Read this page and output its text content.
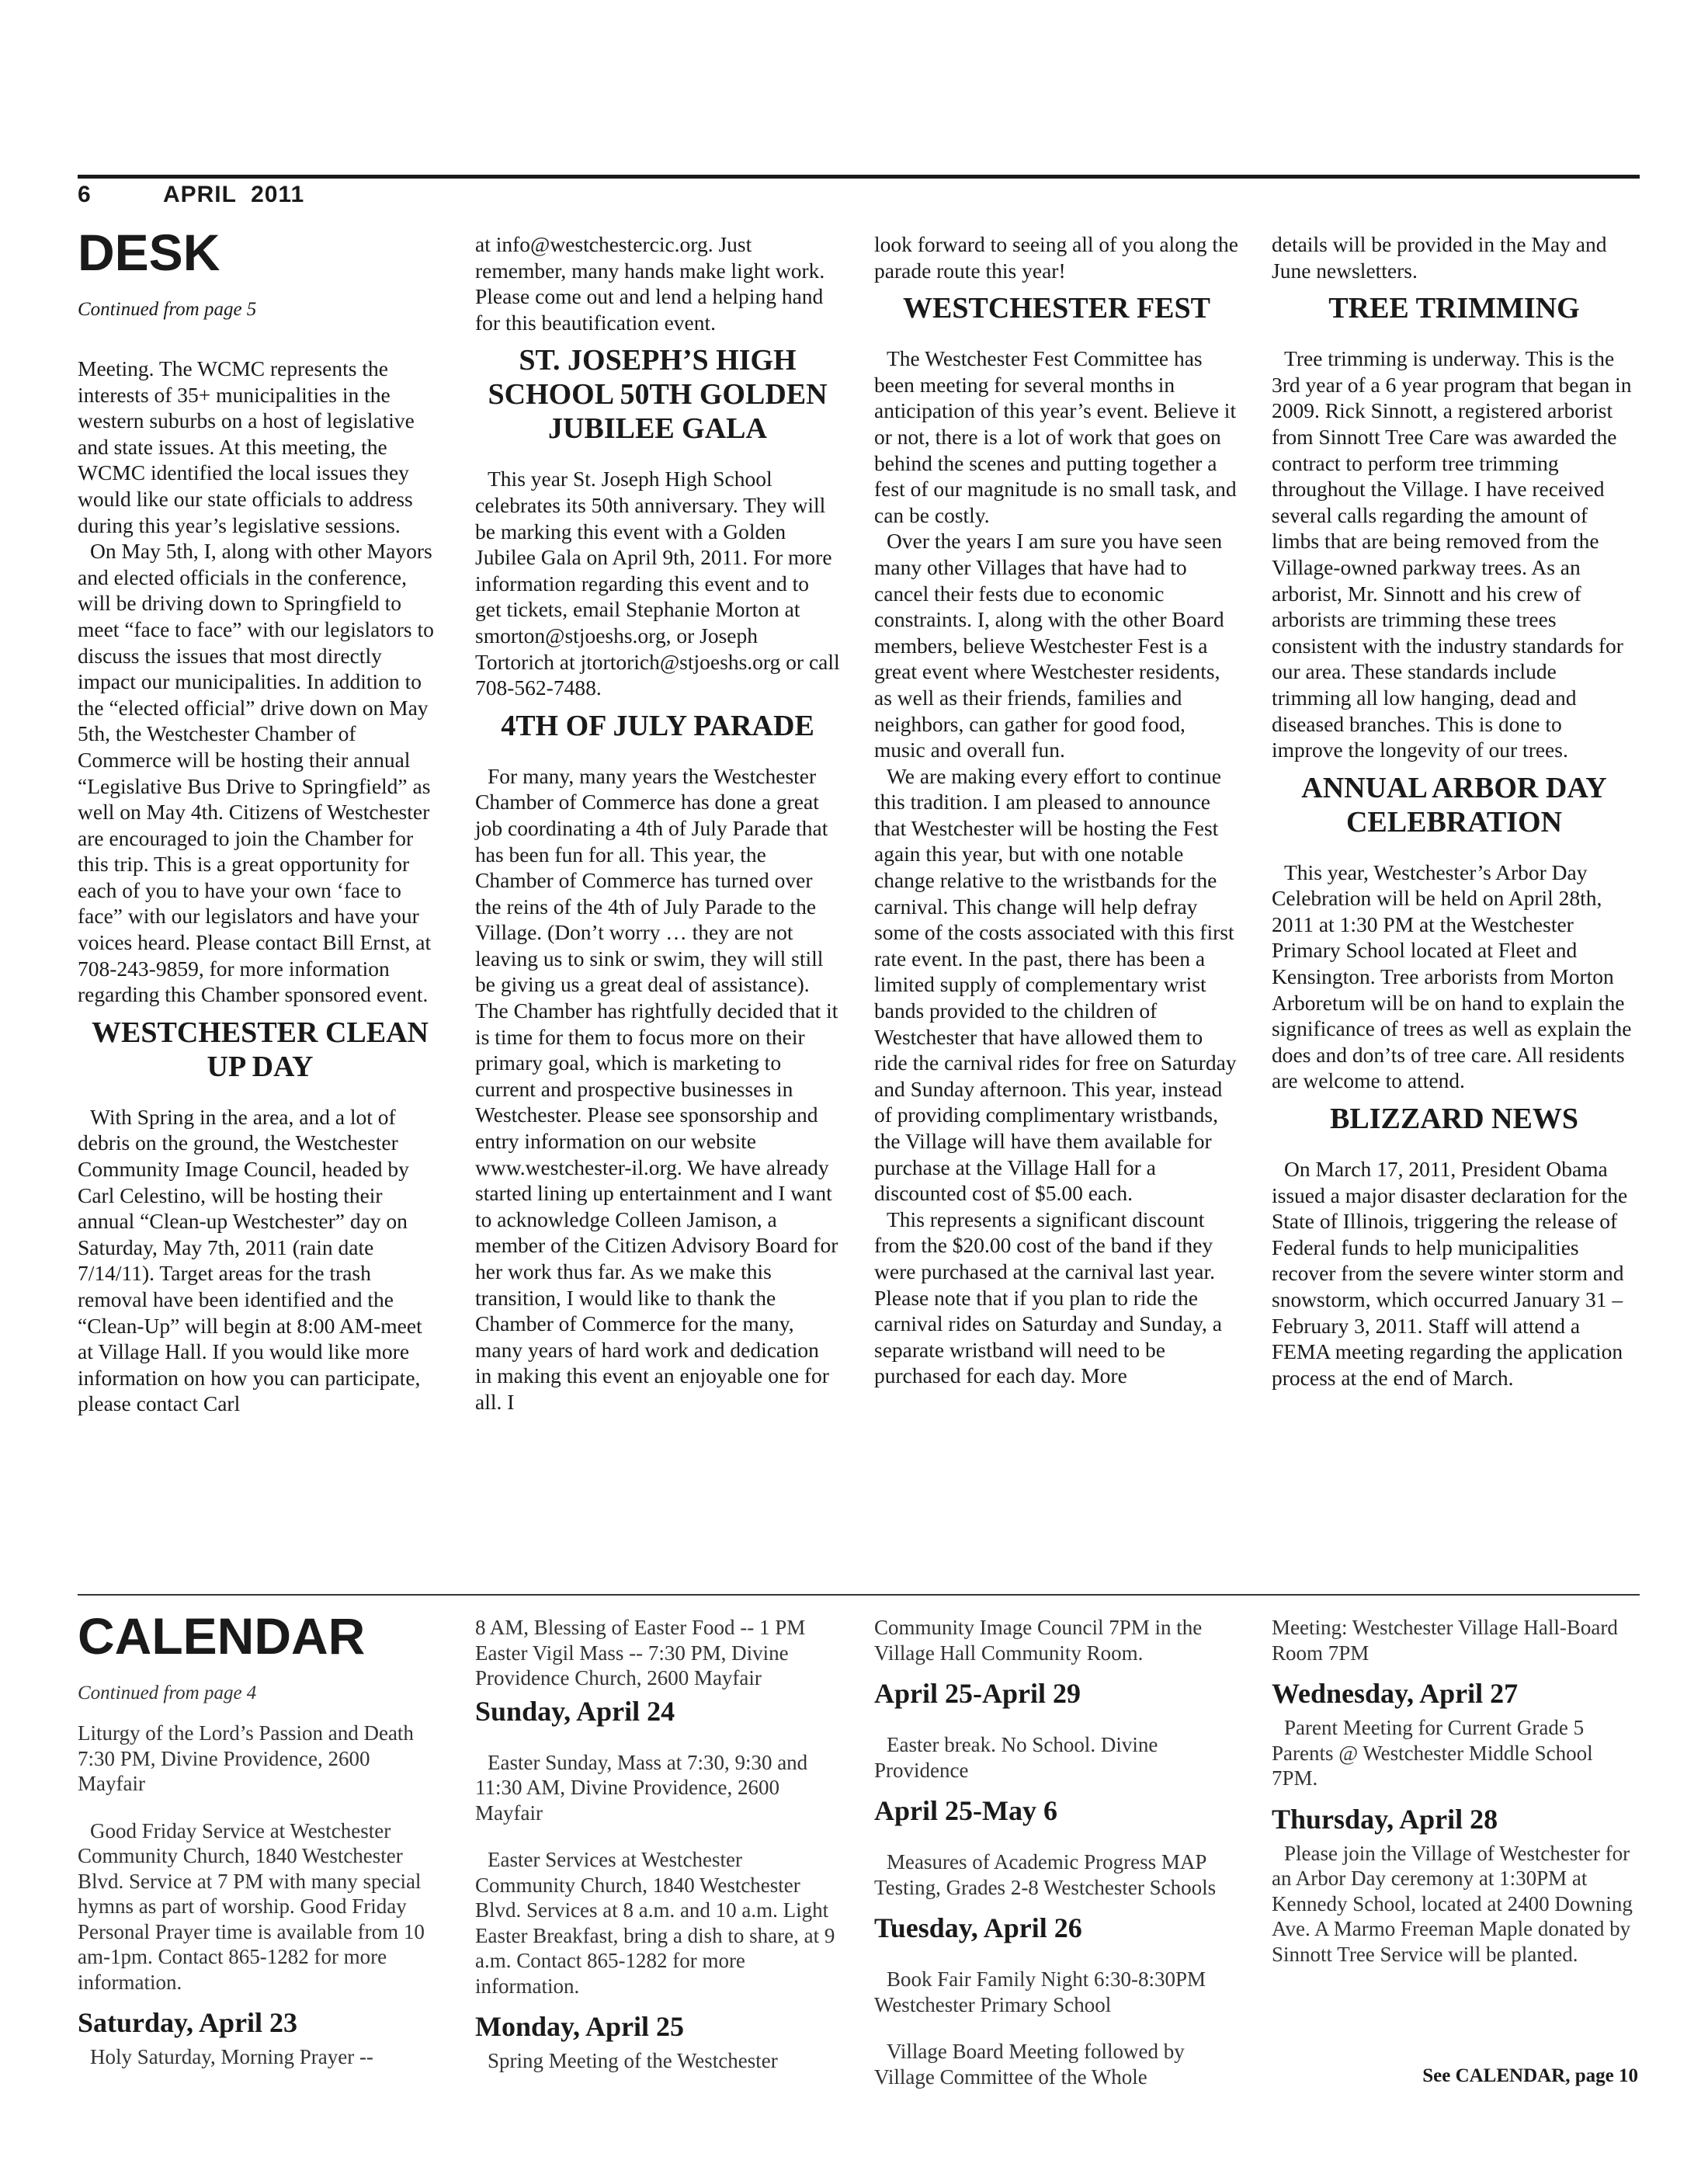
6	APRIL  2011
DESK

Continued from page 5

Meeting. The WCMC represents the interests of 35+ municipalities in the western suburbs on a host of legislative and state issues. At this meeting, the WCMC identified the local issues they would like our state officials to address during this year’s legislative sessions.

On May 5th, I, along with other Mayors and elected officials in the conference, will be driving down to Springfield to meet “face to face” with our legislators to discuss the issues that most directly impact our municipalities. In addition to the “elected official” drive down on May 5th, the Westchester Chamber of Commerce will be hosting their annual “Legislative Bus Drive to Springfield” as well on May 4th. Citizens of Westchester are encouraged to join the Chamber for this trip. This is a great opportunity for each of you to have your own ‘face to face” with our legislators and have your voices heard. Please contact Bill Ernst, at 708-243-9859, for more information regarding this Chamber sponsored event.

WESTCHESTER CLEAN UP DAY

With Spring in the area, and a lot of debris on the ground, the Westchester Community Image Council, headed by Carl Celestino, will be hosting their annual “Clean-up Westchester” day on Saturday, May 7th, 2011 (rain date 7/14/11). Target areas for the trash removal have been identified and the “Clean-Up” will begin at 8:00 AM-meet at Village Hall. If you would like more information on how you can participate, please contact Carl

at info@westchestercic.org. Just remember, many hands make light work. Please come out and lend a helping hand for this beautification event.

ST. JOSEPH’S HIGH SCHOOL 50TH GOLDEN JUBILEE GALA

This year St. Joseph High School celebrates its 50th anniversary. They will be marking this event with a Golden Jubilee Gala on April 9th, 2011. For more information regarding this event and to get tickets, email Stephanie Morton at smorton@stjoeshs.org, or Joseph Tortorich at jtortorich@stjoeshs.org or call 708-562-7488.

4TH OF JULY PARADE

For many, many years the Westchester Chamber of Commerce has done a great job coordinating a 4th of July Parade that has been fun for all. This year, the Chamber of Commerce has turned over the reins of the 4th of July Parade to the Village. (Don’t worry … they are not leaving us to sink or swim, they will still be giving us a great deal of assistance). The Chamber has rightfully decided that it is time for them to focus more on their primary goal, which is marketing to current and prospective businesses in Westchester. Please see sponsorship and entry information on our website www.westchester-il.org. We have already started lining up entertainment and I want to acknowledge Colleen Jamison, a member of the Citizen Advisory Board for her work thus far. As we make this transition, I would like to thank the Chamber of Commerce for the many, many years of hard work and dedication in making this event an enjoyable one for all. I

look forward to seeing all of you along the parade route this year!

WESTCHESTER FEST

The Westchester Fest Committee has been meeting for several months in anticipation of this year’s event. Believe it or not, there is a lot of work that goes on behind the scenes and putting together a fest of our magnitude is no small task, and can be costly.

Over the years I am sure you have seen many other Villages that have had to cancel their fests due to economic constraints. I, along with the other Board members, believe Westchester Fest is a great event where Westchester residents, as well as their friends, families and neighbors, can gather for good food, music and overall fun.

We are making every effort to continue this tradition. I am pleased to announce that Westchester will be hosting the Fest again this year, but with one notable change relative to the wristbands for the carnival. This change will help defray some of the costs associated with this first rate event. In the past, there has been a limited supply of complementary wrist bands provided to the children of Westchester that have allowed them to ride the carnival rides for free on Saturday and Sunday afternoon. This year, instead of providing complimentary wristbands, the Village will have them available for purchase at the Village Hall for a discounted cost of $5.00 each.

This represents a significant discount from the $20.00 cost of the band if they were purchased at the carnival last year. Please note that if you plan to ride the carnival rides on Saturday and Sunday, a separate wristband will need to be purchased for each day. More

details will be provided in the May and June newsletters.

TREE TRIMMING

Tree trimming is underway. This is the 3rd year of a 6 year program that began in 2009. Rick Sinnott, a registered arborist from Sinnott Tree Care was awarded the contract to perform tree trimming throughout the Village. I have received several calls regarding the amount of limbs that are being removed from the Village-owned parkway trees. As an arborist, Mr. Sinnott and his crew of arborists are trimming these trees consistent with the industry standards for our area. These standards include trimming all low hanging, dead and diseased branches. This is done to improve the longevity of our trees.

ANNUAL ARBOR DAY CELEBRATION

This year, Westchester’s Arbor Day Celebration will be held on April 28th, 2011 at 1:30 PM at the Westchester Primary School located at Fleet and Kensington. Tree arborists from Morton Arboretum will be on hand to explain the significance of trees as well as explain the does and don’ts of tree care. All residents are welcome to attend.

BLIZZARD NEWS

On March 17, 2011, President Obama issued a major disaster declaration for the State of Illinois, triggering the release of Federal funds to help municipalities recover from the severe winter storm and snowstorm, which occurred January 31 – February 3, 2011. Staff will attend a FEMA meeting regarding the application process at the end of March.

CALENDAR

Continued from page 4

Liturgy of the Lord’s Passion and Death 7:30 PM, Divine Providence, 2600 Mayfair

Good Friday Service at Westchester Community Church, 1840 Westchester Blvd. Service at 7 PM with many special hymns as part of worship. Good Friday Personal Prayer time is available from 10 am-1pm. Contact 865-1282 for more information.

Saturday, April 23

Holy Saturday, Morning Prayer --

8 AM, Blessing of Easter Food -- 1 PM Easter Vigil Mass -- 7:30 PM, Divine Providence Church, 2600 Mayfair

Sunday, April 24

Easter Sunday, Mass at 7:30, 9:30 and 11:30 AM, Divine Providence, 2600 Mayfair

Easter Services at Westchester Community Church, 1840 Westchester Blvd. Services at 8 a.m. and 10 a.m. Light Easter Breakfast, bring a dish to share, at 9 a.m. Contact 865-1282 for more information.

Monday, April 25

Spring Meeting of the Westchester

Community Image Council 7PM in the Village Hall Community Room.

April 25-April 29

Easter break. No School. Divine Providence

April 25-May 6

Measures of Academic Progress MAP Testing, Grades 2-8 Westchester Schools

Tuesday, April 26

Book Fair Family Night 6:30-8:30PM Westchester Primary School

Village Board Meeting followed by Village Committee of the Whole

Meeting: Westchester Village Hall-Board Room 7PM

Wednesday, April 27

Parent Meeting for Current Grade 5 Parents @ Westchester Middle School 7PM.

Thursday, April 28

Please join the Village of Westchester for an Arbor Day ceremony at 1:30PM at Kennedy School, located at 2400 Downing Ave. A Marmo Freeman Maple donated by Sinnott Tree Service will be planted.

See CALENDAR, page 10
